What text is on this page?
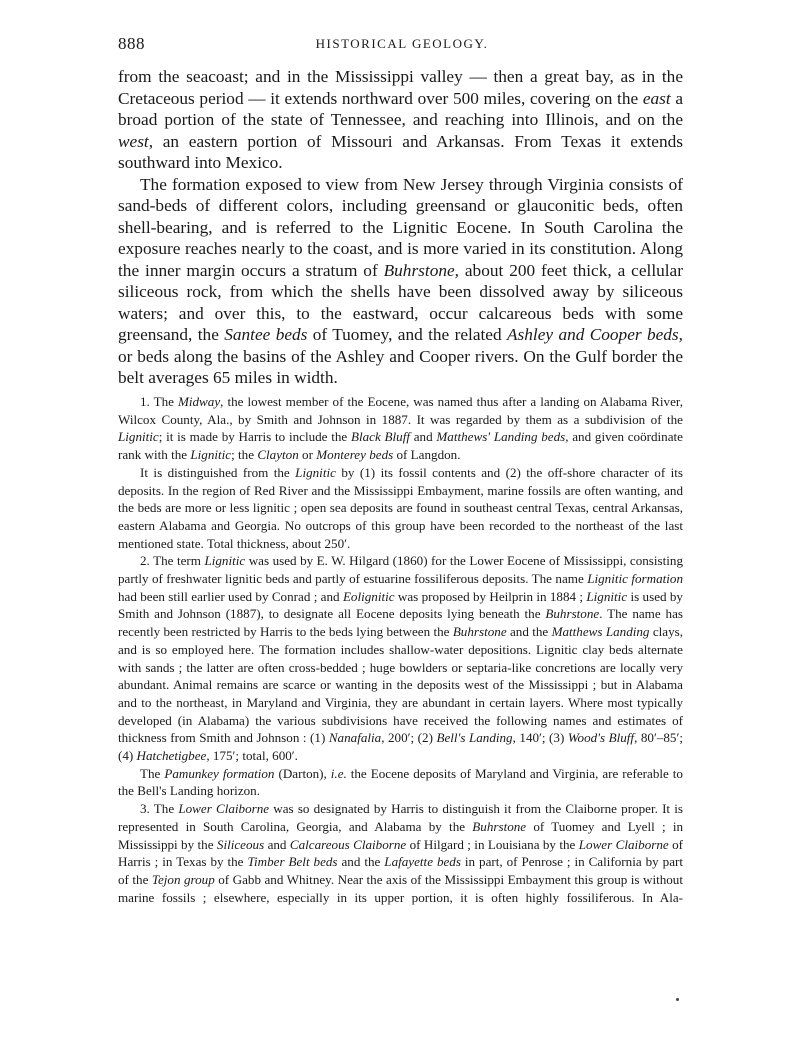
888	HISTORICAL GEOLOGY.

from the seacoast; and in the Mississippi valley — then a great bay, as in the Cretaceous period — it extends northward over 500 miles, covering on the east a broad portion of the state of Tennessee, and reaching into Illinois, and on the west, an eastern portion of Missouri and Arkansas. From Texas it extends southward into Mexico.

The formation exposed to view from New Jersey through Virginia consists of sand-beds of different colors, including greensand or glauconitic beds, often shell-bearing, and is referred to the Lignitic Eocene. In South Carolina the exposure reaches nearly to the coast, and is more varied in its constitution. Along the inner margin occurs a stratum of Buhrstone, about 200 feet thick, a cellular siliceous rock, from which the shells have been dissolved away by siliceous waters; and over this, to the eastward, occur calcareous beds with some greensand, the Santee beds of Tuomey, and the related Ashley and Cooper beds, or beds along the basins of the Ashley and Cooper rivers. On the Gulf border the belt averages 65 miles in width.

1. The Midway, the lowest member of the Eocene, was named thus after a landing on Alabama River, Wilcox County, Ala., by Smith and Johnson in 1887. It was regarded by them as a subdivision of the Lignitic; it is made by Harris to include the Black Bluff and Matthews' Landing beds, and given coördinate rank with the Lignitic; the Clayton or Monterey beds of Langdon.

It is distinguished from the Lignitic by (1) its fossil contents and (2) the off-shore character of its deposits. In the region of Red River and the Mississippi Embayment, marine fossils are often wanting, and the beds are more or less lignitic ; open sea deposits are found in southeast central Texas, central Arkansas, eastern Alabama and Georgia. No outcrops of this group have been recorded to the northeast of the last mentioned state. Total thickness, about 250′.

2. The term Lignitic was used by E. W. Hilgard (1860) for the Lower Eocene of Mississippi, consisting partly of freshwater lignitic beds and partly of estuarine fossiliferous deposits. The name Lignitic formation had been still earlier used by Conrad ; and Eolignitic was proposed by Heilprin in 1884 ; Lignitic is used by Smith and Johnson (1887), to designate all Eocene deposits lying beneath the Buhrstone. The name has recently been restricted by Harris to the beds lying between the Buhrstone and the Matthews Landing clays, and is so employed here. The formation includes shallow-water depositions. Lignitic clay beds alternate with sands ; the latter are often cross-bedded ; huge bowlders or septaria-like concretions are locally very abundant. Animal remains are scarce or wanting in the deposits west of the Mississippi ; but in Alabama and to the northeast, in Maryland and Virginia, they are abundant in certain layers. Where most typically developed (in Alabama) the various subdivisions have received the following names and estimates of thickness from Smith and Johnson : (1) Nanafalia, 200′; (2) Bell's Landing, 140′; (3) Wood's Bluff, 80′–85′; (4) Hatchetigbee, 175′; total, 600′.

The Pamunkey formation (Darton), i.e. the Eocene deposits of Maryland and Virginia, are referable to the Bell's Landing horizon.

3. The Lower Claiborne was so designated by Harris to distinguish it from the Claiborne proper. It is represented in South Carolina, Georgia, and Alabama by the Buhrstone of Tuomey and Lyell ; in Mississippi by the Siliceous and Calcareous Claiborne of Hilgard ; in Louisiana by the Lower Claiborne of Harris ; in Texas by the Timber Belt beds and the Lafayette beds in part, of Penrose ; in California by part of the Tejon group of Gabb and Whitney. Near the axis of the Mississippi Embayment this group is without marine fossils ; elsewhere, especially in its upper portion, it is often highly fossiliferous. In Ala-
